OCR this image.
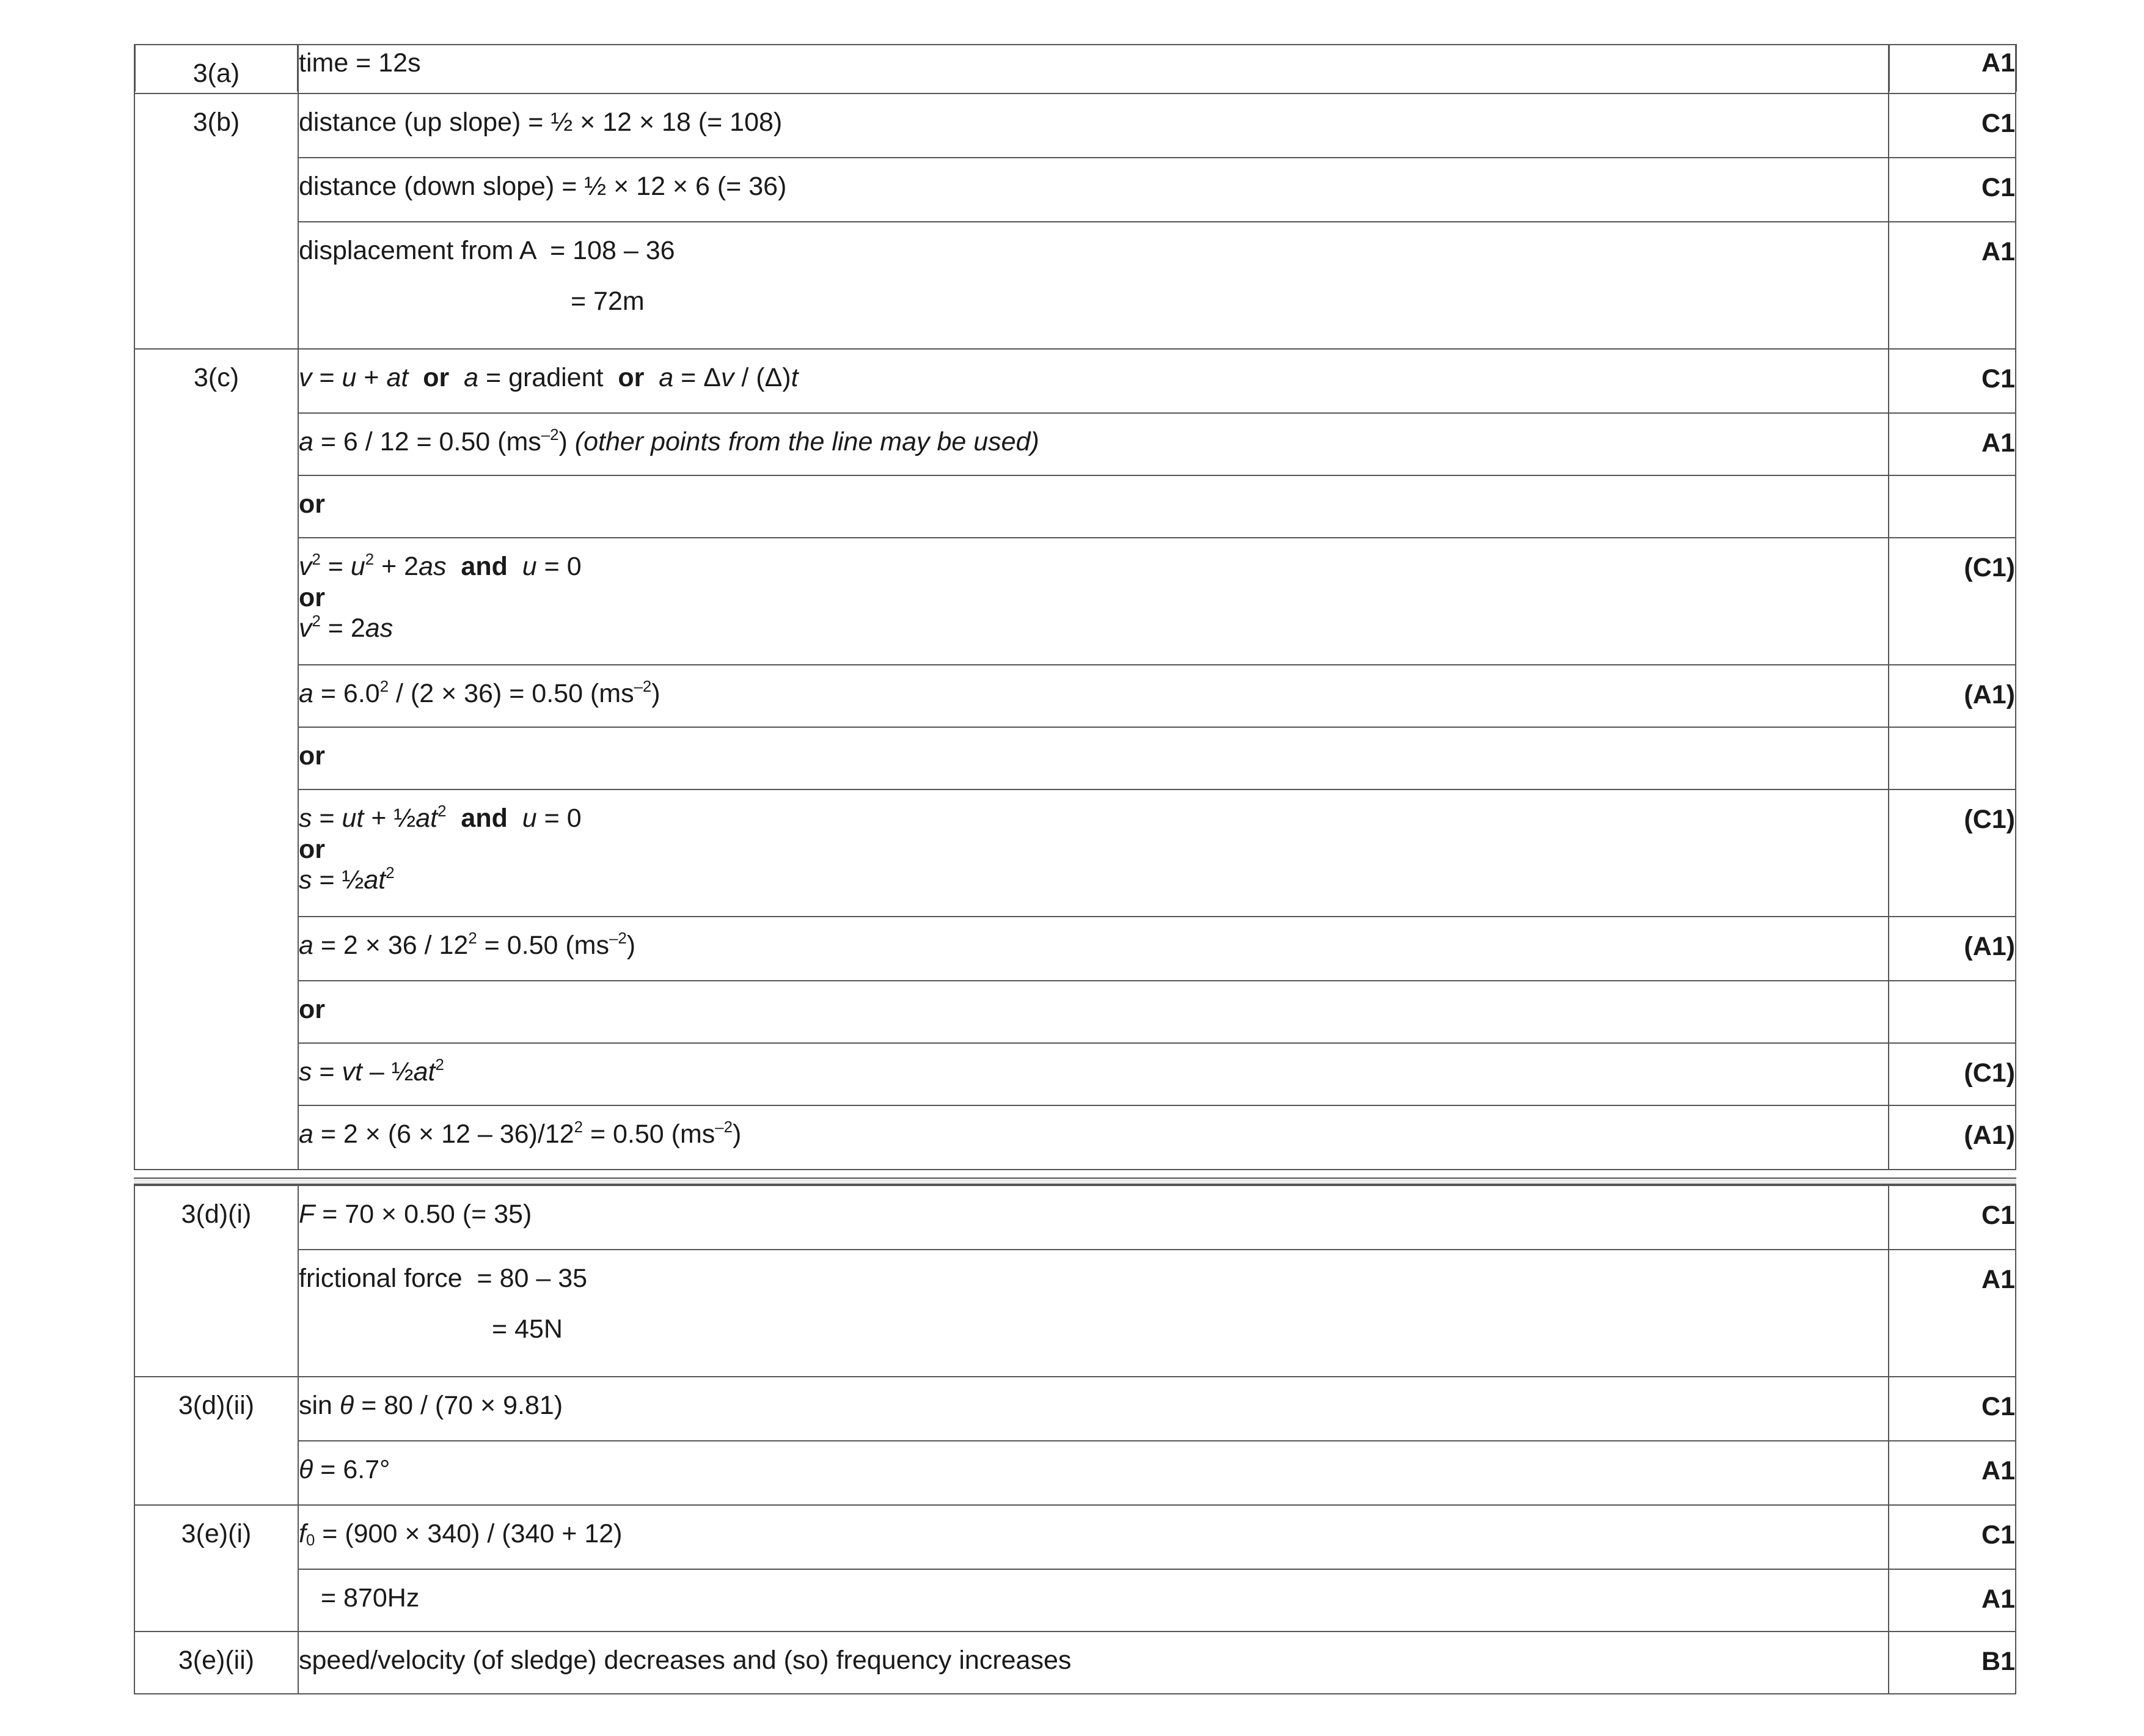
3(a)	time = 12s	A1

3(b)	distance (up slope) = ½ × 12 × 18 (= 108)	C1

	distance (down slope) = ½ × 12 × 6 (= 36)	C1

	displacement from A  = 108 – 36
= 72m	A1

3(c)	v = u + at or a = gradient  or a = Δv / (Δ)t	C1

	a = 6 / 12 = 0.50 $(ms^{-2})$ (other points from the line may be used)	A1

	or	

	$v^2 = u^2 + 2as$ and u = 0
or
$v^2 = 2as$	(C1)

	$a = 6.0^2 / (2 \times 36) = 0.50$ $(ms^{-2})$	(A1)

	or	

	s = ut + $\frac{1}{2}at^2$ and u = 0
or
$s = \frac{1}{2}at^2$	(C1)

	$a = 2 \times 36 / 12^2 = 0.50$ $(ms^{-2})$	(A1)

	or	

	s = vt – $\frac{1}{2}at^2$	(C1)

	$a = 2 \times (6 \times 12 - 36)/12^2 = 0.50$ $(ms^{-2})$	(A1)
3(d)(i)	F = 70 × 0.50 (= 35)	C1

	frictional force  = 80 – 35
= 45N	A1

3(d)(ii)	sin θ = 80 / (70 × 9.81)	C1

	θ = 6.7°	A1

3(e)(i)	$f_0 = (900 \times 340) / (340 + 12)$	C1

	= 870Hz	A1

3(e)(ii)	speed/velocity (of sledge) decreases and (so) frequency increases	B1
